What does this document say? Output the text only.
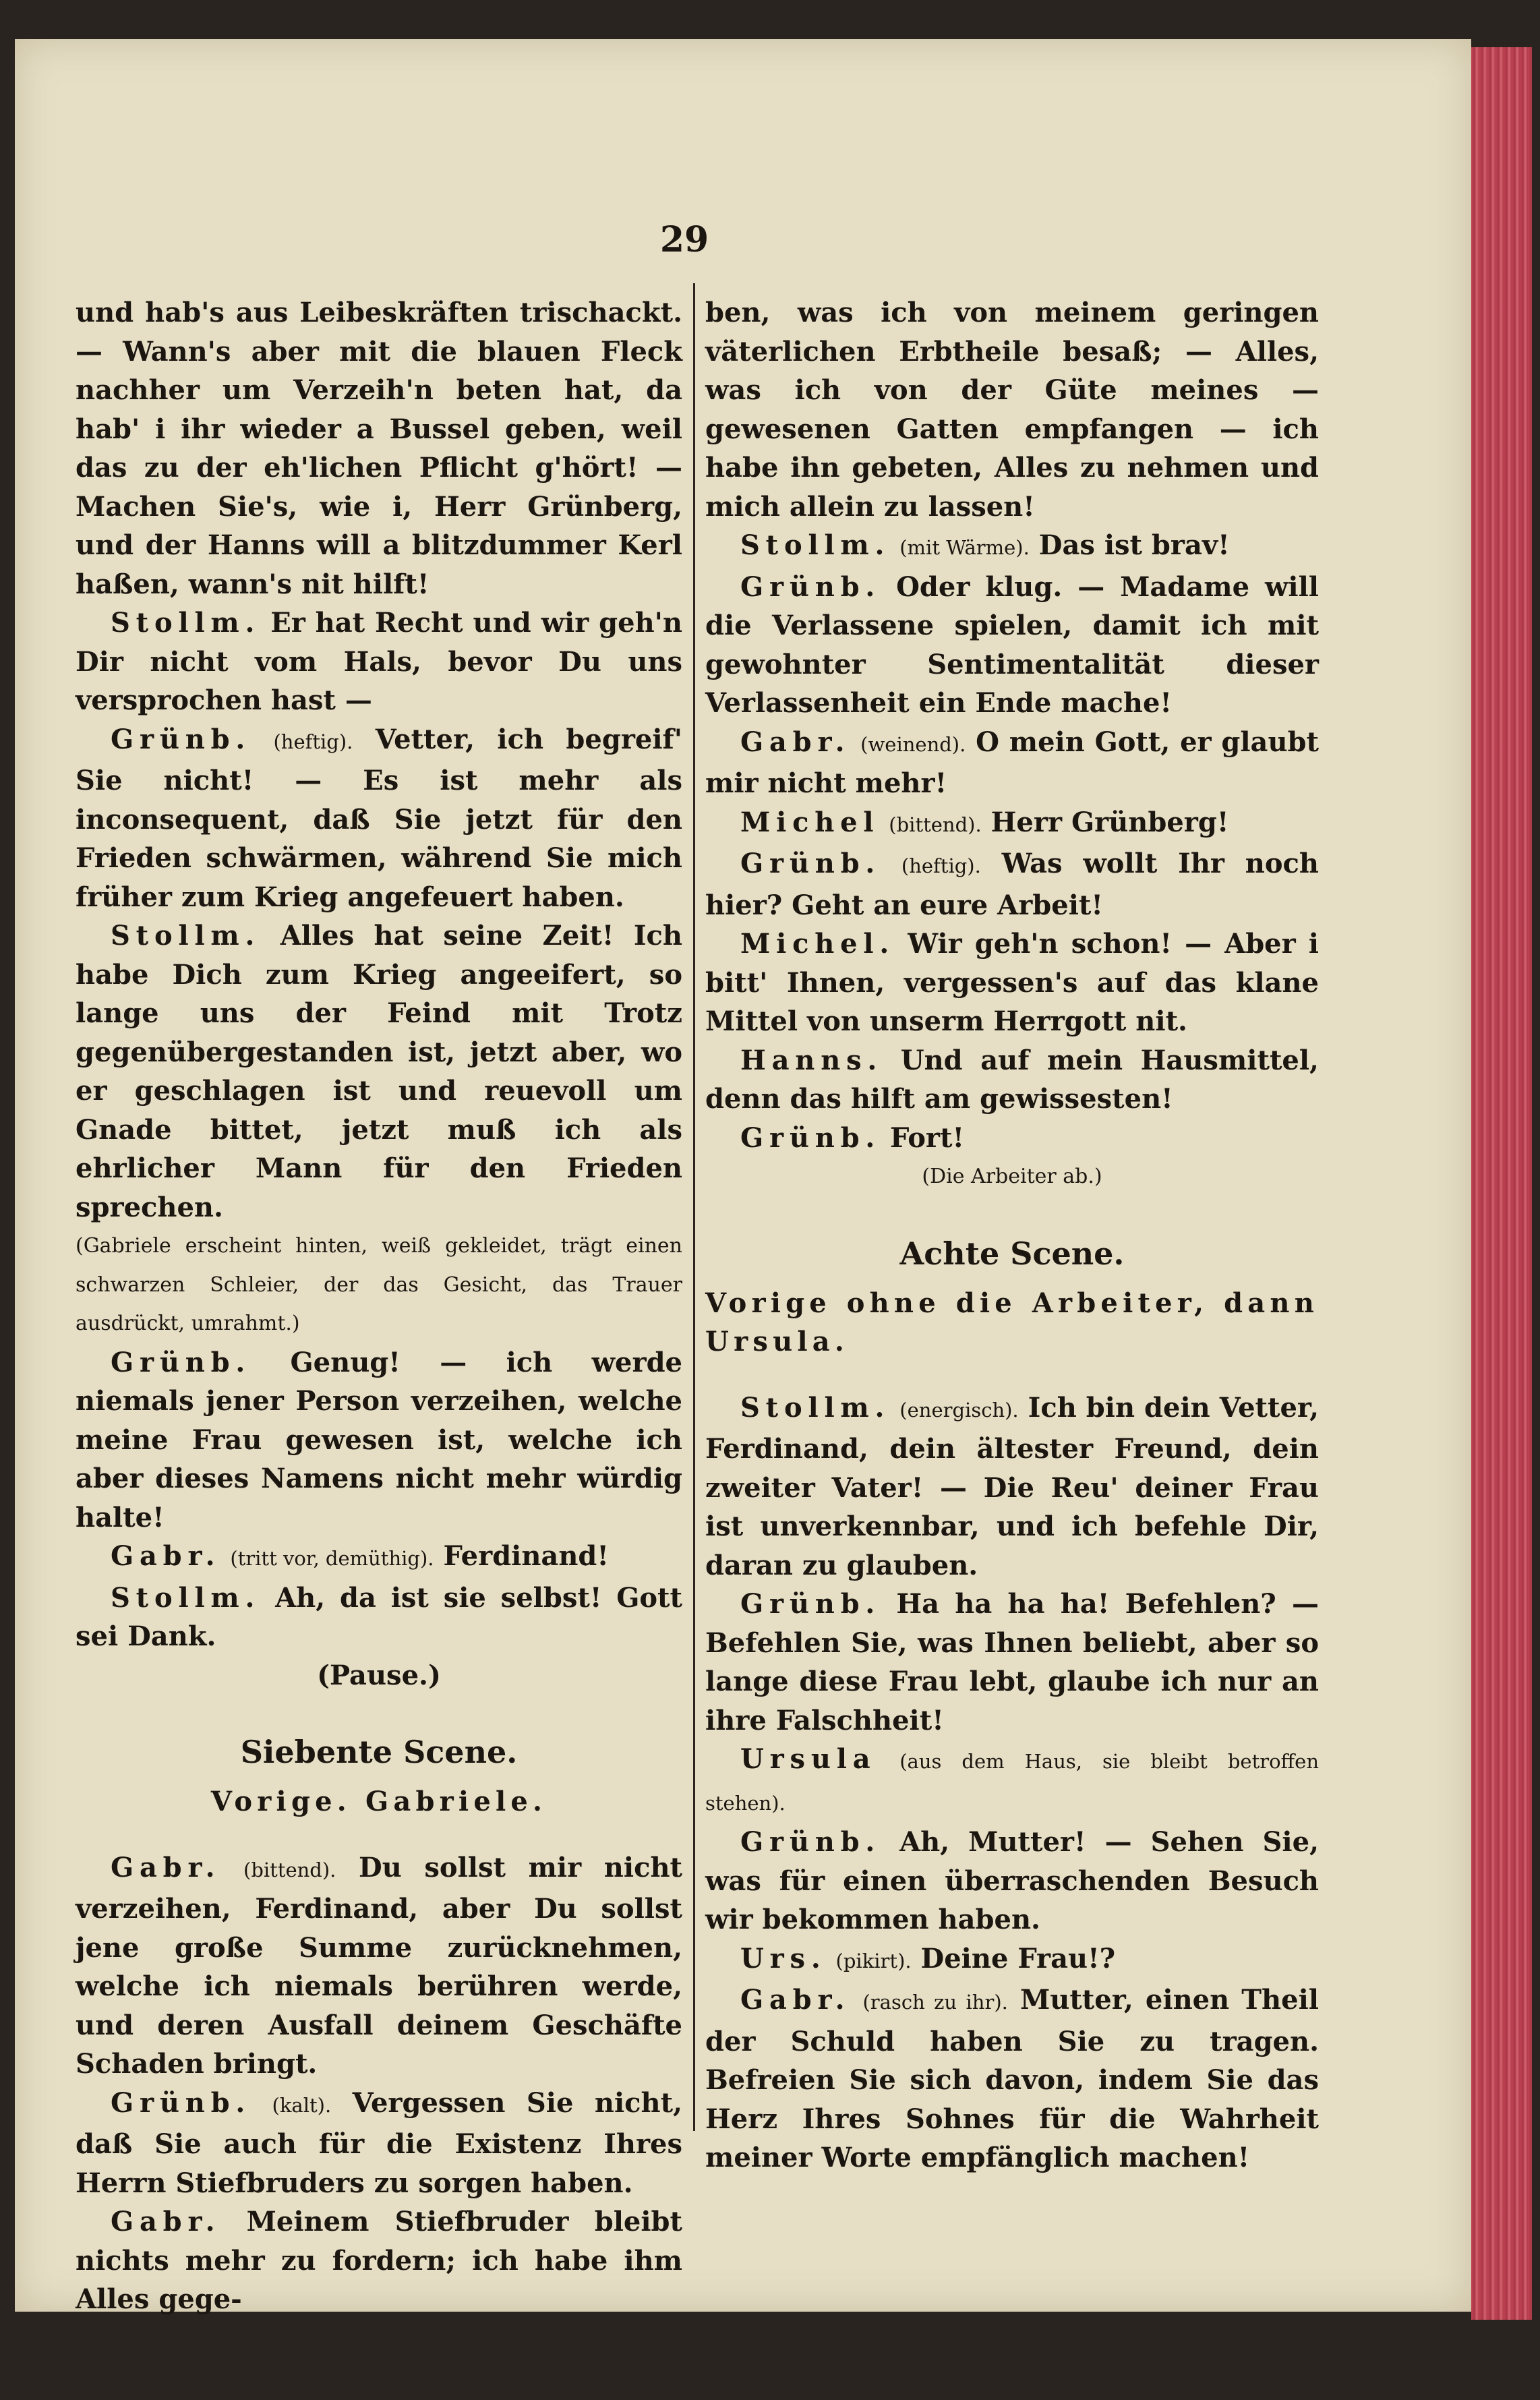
29

und hab's aus Leibeskräften trischackt. — Wann's aber mit die blauen Fleck nachher um Verzeih'n beten hat, da hab' i ihr wieder a Bussel geben, weil das zu der eh'lichen Pflicht g'hört! — Machen Sie's, wie i, Herr Grünberg, und der Hanns will a blitzdummer Kerl haßen, wann's nit hilft!

Stollm. Er hat Recht und wir geh'n Dir nicht vom Hals, bevor Du uns versprochen hast —

Grünb. (heftig). Vetter, ich begreif' Sie nicht! — Es ist mehr als inconsequent, daß Sie jetzt für den Frieden schwärmen, während Sie mich früher zum Krieg angefeuert haben.

Stollm. Alles hat seine Zeit! Ich habe Dich zum Krieg angeeifert, so lange uns der Feind mit Trotz gegenübergestanden ist, jetzt aber, wo er geschlagen ist und reuevoll um Gnade bittet, jetzt muß ich als ehrlicher Mann für den Frieden sprechen.

(Gabriele erscheint hinten, weiß gekleidet, trägt einen schwarzen Schleier, der das Gesicht, das Trauer ausdrückt, umrahmt.)

Grünb. Genug! — ich werde niemals jener Person verzeihen, welche meine Frau gewesen ist, welche ich aber dieses Namens nicht mehr würdig halte!

Gabr. (tritt vor, demüthig). Ferdinand!

Stollm. Ah, da ist sie selbst! Gott sei Dank.

(Pause.)

Siebente Scene.

Vorige. Gabriele.

Gabr. (bittend). Du sollst mir nicht verzeihen, Ferdinand, aber Du sollst jene große Summe zurücknehmen, welche ich niemals berühren werde, und deren Ausfall deinem Geschäfte Schaden bringt.

Grünb. (kalt). Vergessen Sie nicht, daß Sie auch für die Existenz Ihres Herrn Stiefbruders zu sorgen haben.

Gabr. Meinem Stiefbruder bleibt nichts mehr zu fordern; ich habe ihm Alles gege-

ben, was ich von meinem geringen väterlichen Erbtheile besaß; — Alles, was ich von der Güte meines — gewesenen Gatten empfangen — ich habe ihn gebeten, Alles zu nehmen und mich allein zu lassen!

Stollm. (mit Wärme). Das ist brav!

Grünb. Oder klug. — Madame will die Verlassene spielen, damit ich mit gewohnter Sentimentalität dieser Verlassenheit ein Ende mache!

Gabr. (weinend). O mein Gott, er glaubt mir nicht mehr!

Michel (bittend). Herr Grünberg!

Grünb. (heftig). Was wollt Ihr noch hier? Geht an eure Arbeit!

Michel. Wir geh'n schon! — Aber i bitt' Ihnen, vergessen's auf das klane Mittel von unserm Herrgott nit.

Hanns. Und auf mein Hausmittel, denn das hilft am gewissesten!

Grünb. Fort!

(Die Arbeiter ab.)

Achte Scene.

Vorige ohne die Arbeiter, dann Ursula.

Stollm. (energisch). Ich bin dein Vetter, Ferdinand, dein ältester Freund, dein zweiter Vater! — Die Reu' deiner Frau ist unverkennbar, und ich befehle Dir, daran zu glauben.

Grünb. Ha ha ha ha! Befehlen? — Befehlen Sie, was Ihnen beliebt, aber so lange diese Frau lebt, glaube ich nur an ihre Falschheit!

Ursula (aus dem Haus, sie bleibt betroffen stehen).

Grünb. Ah, Mutter! — Sehen Sie, was für einen überraschenden Besuch wir bekommen haben.

Urs. (pikirt). Deine Frau!?

Gabr. (rasch zu ihr). Mutter, einen Theil der Schuld haben Sie zu tragen. Befreien Sie sich davon, indem Sie das Herz Ihres Sohnes für die Wahrheit meiner Worte empfänglich machen!
